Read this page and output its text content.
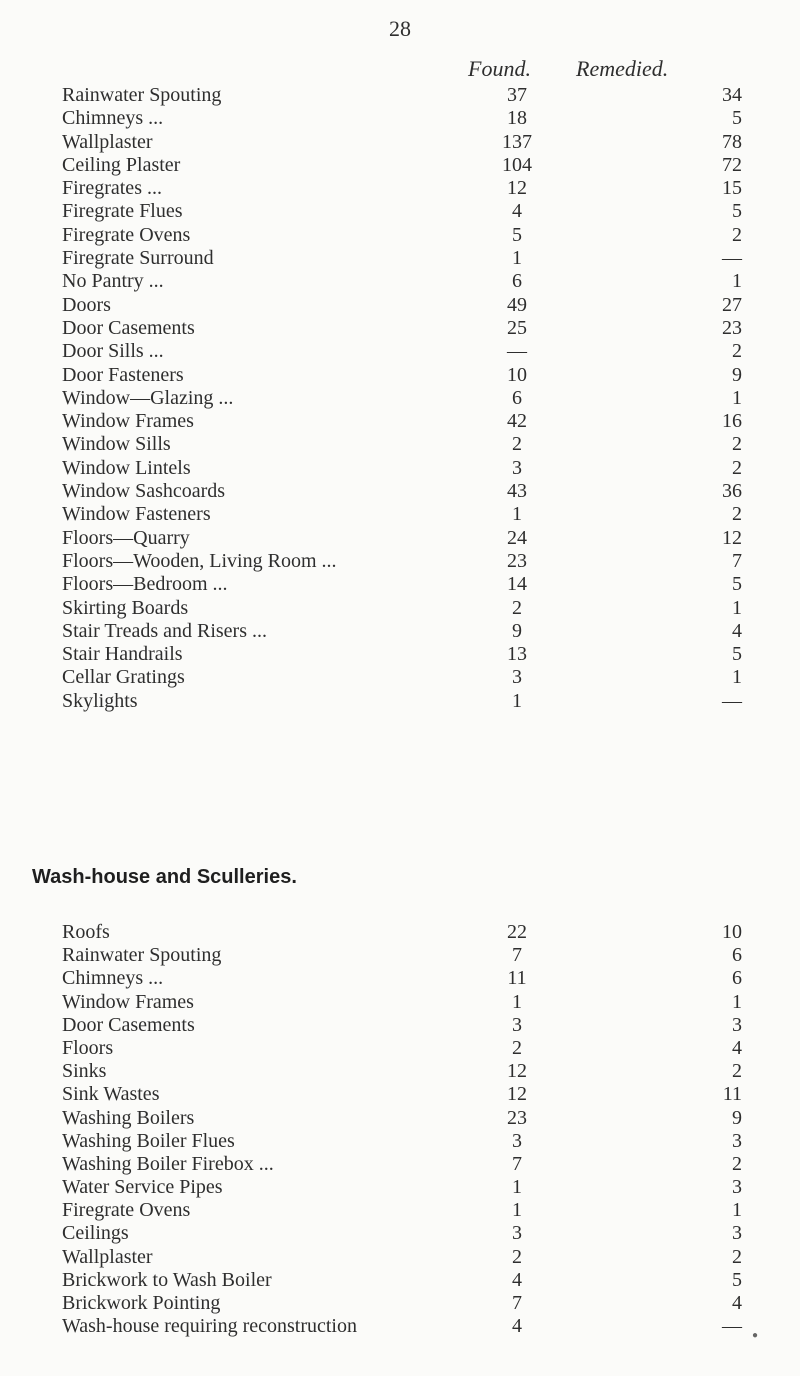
28
Found. Remedied.
Rainwater Spouting	37	34
Chimneys ...	18	5
Wallplaster	137	78
Ceiling Plaster	104	72
Firegrates ...	12	15
Firegrate Flues	4	5
Firegrate Ovens	5	2
Firegrate Surround	1	—
No Pantry ...	6	1
Doors	49	27
Door Casements	25	23
Door Sills ...	—	2
Door Fasteners	10	9
Window—Glazing ...	6	1
Window Frames	42	16
Window Sills	2	2
Window Lintels	3	2
Window Sashcoards	43	36
Window Fasteners	1	2
Floors—Quarry	24	12
Floors—Wooden, Living Room ...	23	7
Floors—Bedroom ...	14	5
Skirting Boards	2	1
Stair Treads and Risers ...	9	4
Stair Handrails	13	5
Cellar Gratings	3	1
Skylights	1	—
Wash-house and Sculleries.
Roofs	22	10
Rainwater Spouting	7	6
Chimneys ...	11	6
Window Frames	1	1
Door Casements	3	3
Floors	2	4
Sinks	12	2
Sink Wastes	12	11
Washing Boilers	23	9
Washing Boiler Flues	3	3
Washing Boiler Firebox ...	7	2
Water Service Pipes	1	3
Firegrate Ovens	1	1
Ceilings	3	3
Wallplaster	2	2
Brickwork to Wash Boiler	4	5
Brickwork Pointing	7	4
Wash-house requiring reconstruction	4	— ●
